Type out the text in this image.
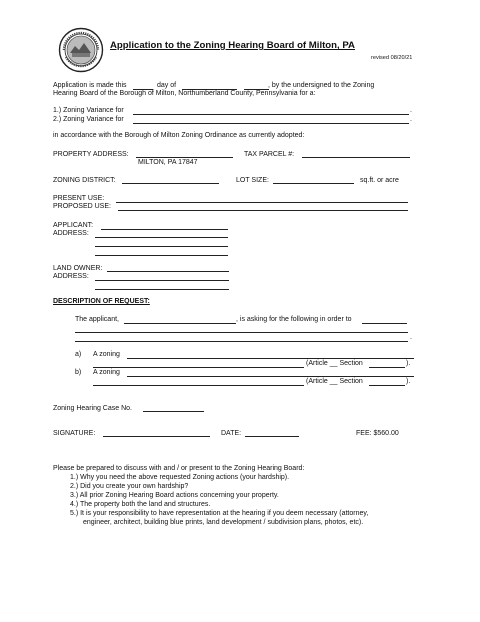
Application to the Zoning Hearing Board of Milton, PA
revised 08/20/21
Application is made this	day of	, by the undersigned to the Zoning
Hearing Board of the Borough of Milton, Northumberland County, Pennsylvania for a:
1.) Zoning Variance for	.
2.) Zoning Variance for	.
in accordance with the Borough of Milton Zoning Ordinance as currently adopted:
PROPERTY ADDRESS:
MILTON, PA 17847
TAX PARCEL #:
ZONING DISTRICT:	LOT SIZE:	sq.ft. or acre
PRESENT USE:
PROPOSED USE:
APPLICANT:
ADDRESS:
LAND OWNER:
ADDRESS:
DESCRIPTION OF REQUEST:
The applicant,	, is asking for the following in order to
.
a) A zoning
(Article __ Section	).
b) A zoning
(Article __ Section	).
Zoning Hearing Case No.
SIGNATURE:	DATE:	FEE: $560.00
Please be prepared to discuss with and / or present to the Zoning Hearing Board:
1.) Why you need the above requested Zoning actions (your hardship).
2.) Did you create your own hardship?
3.) All prior Zoning Hearing Board actions concerning your property.
4.) The property both the land and structures.
5.) It is your responsibility to have representation at the hearing if you deem necessary (attorney,
engineer, architect, building blue prints, land development / subdivision plans, photos, etc).
